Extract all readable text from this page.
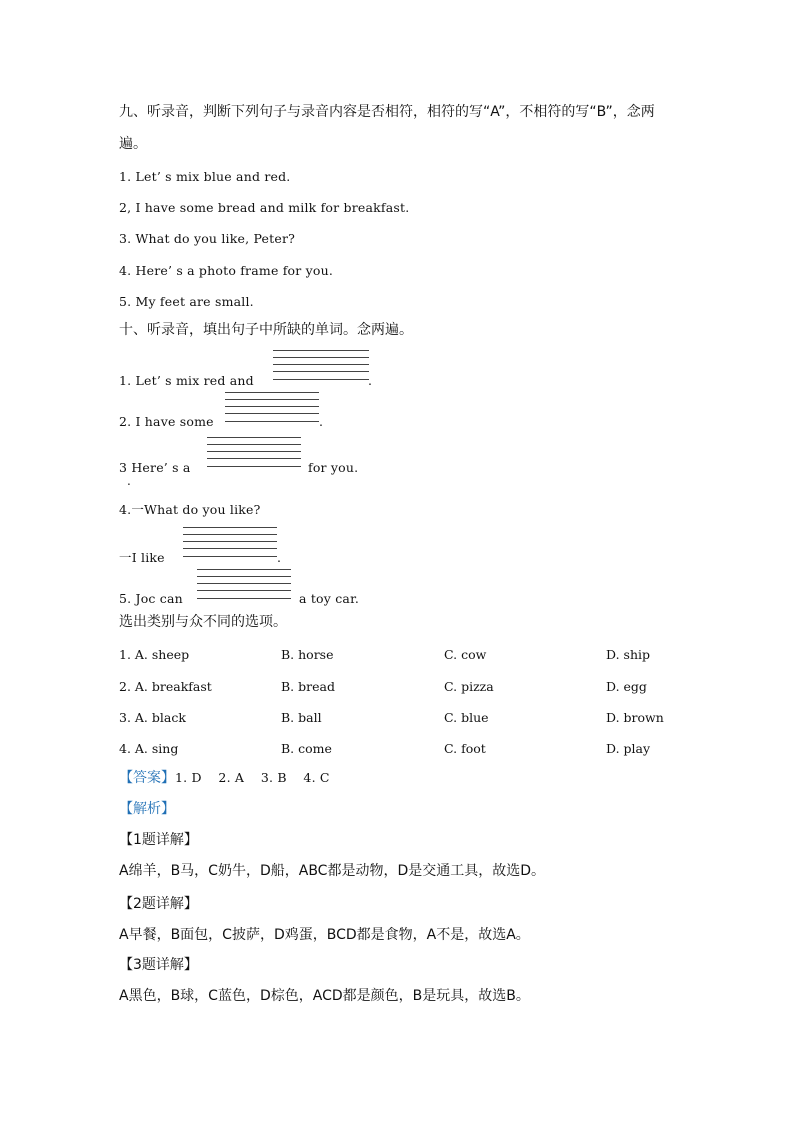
九、听录音，判断下列句子与录音内容是否相符，相符的写“A”，不相符的写“B”，念两
遍。
1. Let’ s mix blue and red.
2, I have some bread and milk for breakfast.
3. What do you like, Peter?
4. Here’ s a photo frame for you.
5. My feet are small.
十、听录音，填出句子中所缺的单词。念两遍。
1. Let’ s mix red and	.
2. I have some	.
3 Here’ s a	for you.
.
4.一What do you like?
一I like	.
5. Joc can	a toy car.
选出类别与众不同的选项。
1. A. sheep	B. horse	C. cow	D. ship
2. A. breakfast	B. bread	C. pizza	D. egg
3. A. black	B. ball	C. blue	D. brown
4. A. sing	B. come	C. foot	D. play
【答案】1. D    2. A    3. B    4. C
【解析】
【1题详解】
A绵羊，B马，C奶牛，D船，ABC都是动物，D是交通工具，故选D。
【2题详解】
A早餐，B面包，C披萨，D鸡蛋，BCD都是食物，A不是，故选A。
【3题详解】
A黑色，B球，C蓝色，D棕色，ACD都是颜色，B是玩具，故选B。
